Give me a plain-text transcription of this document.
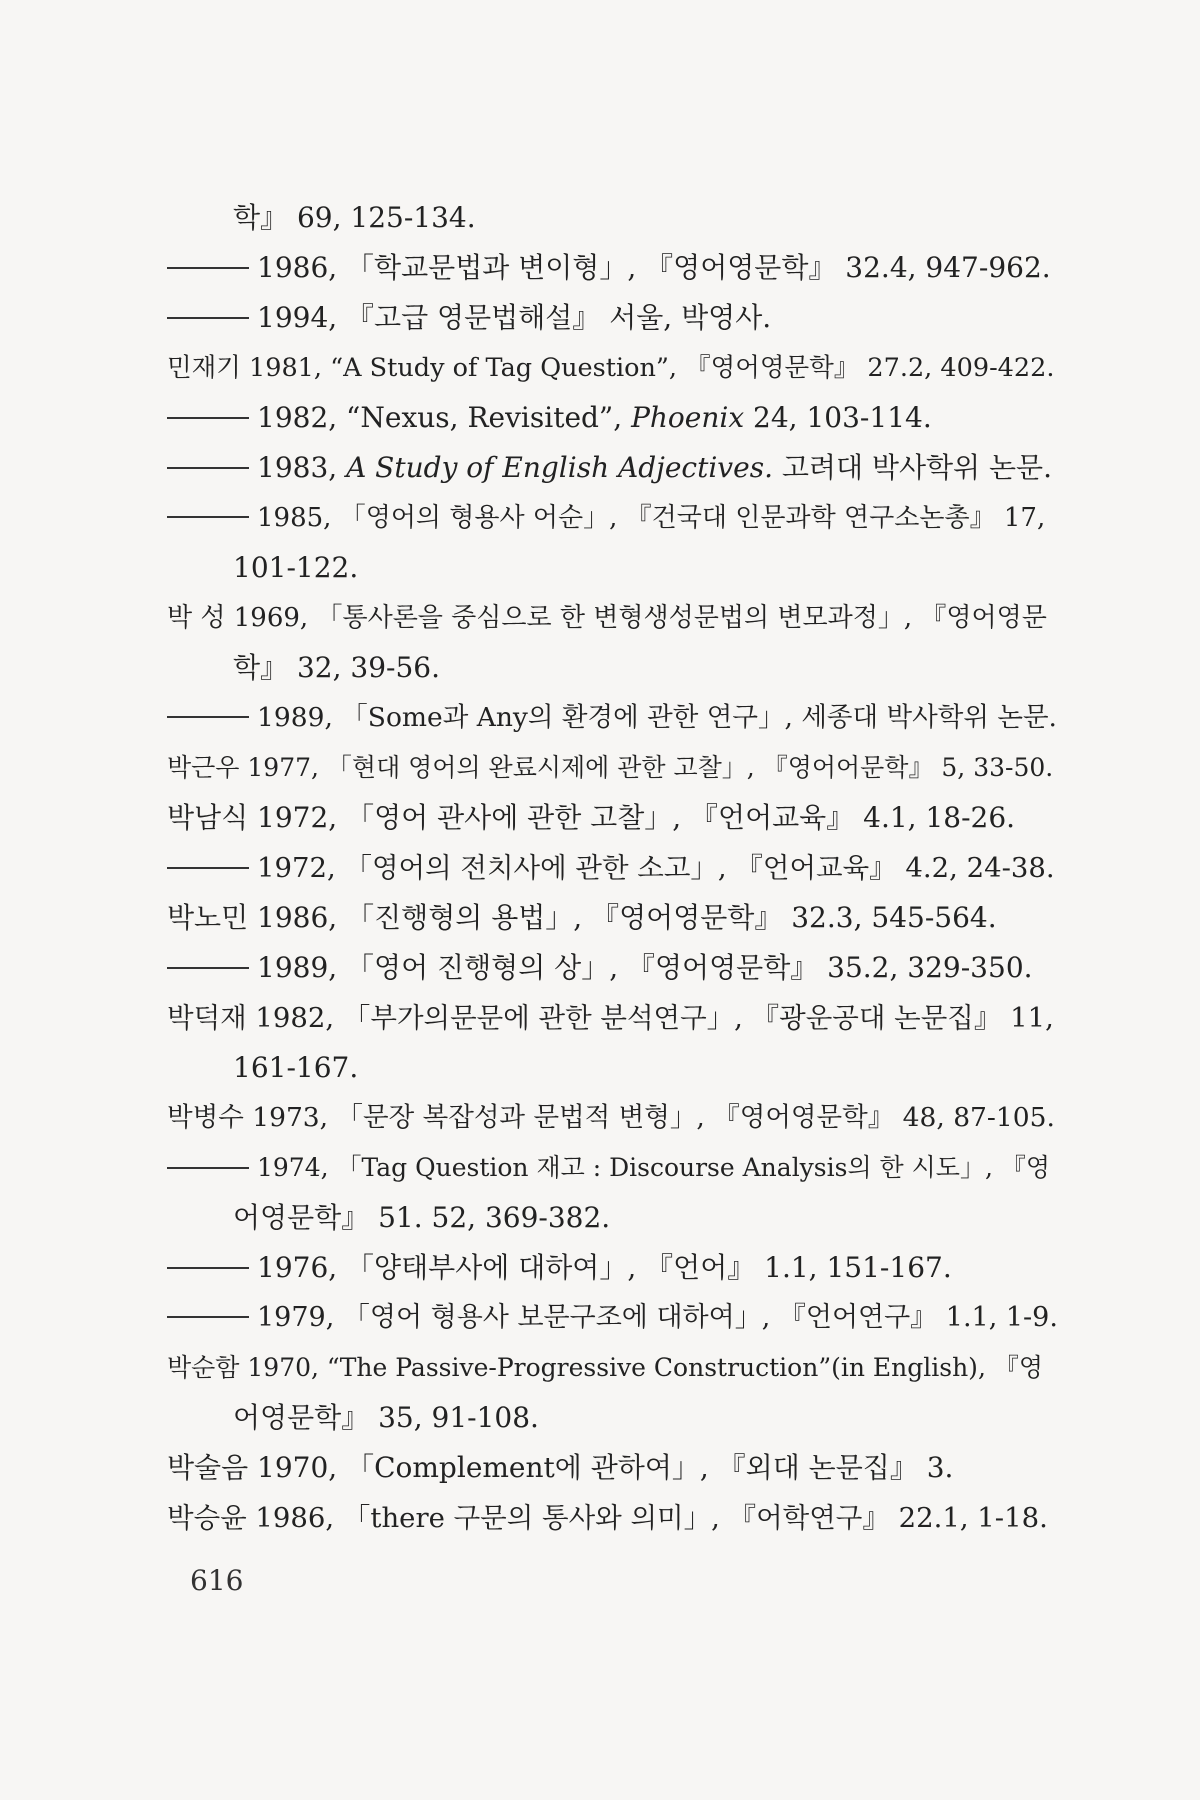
학』 69, 125-134.
1986, 「학교문법과 변이형」, 『영어영문학』 32.4, 947-962.
1994, 『고급 영문법해설』 서울, 박영사.
민재기 1981, “A Study of Tag Question”, 『영어영문학』 27.2, 409-422.
1982, “Nexus, Revisited”, Phoenix 24, 103-114.
1983, A Study of English Adjectives. 고려대 박사학위 논문.
1985, 「영어의 형용사 어순」, 『건국대 인문과학 연구소논총』 17,
101-122.
박 성 1969, 「통사론을 중심으로 한 변형생성문법의 변모과정」, 『영어영문
학』 32, 39-56.
1989, 「Some과 Any의 환경에 관한 연구」, 세종대 박사학위 논문.
박근우 1977, 「현대 영어의 완료시제에 관한 고찰」, 『영어어문학』 5, 33-50.
박남식 1972, 「영어 관사에 관한 고찰」, 『언어교육』 4.1, 18-26.
1972, 「영어의 전치사에 관한 소고」, 『언어교육』 4.2, 24-38.
박노민 1986, 「진행형의 용법」, 『영어영문학』 32.3, 545-564.
1989, 「영어 진행형의 상」, 『영어영문학』 35.2, 329-350.
박덕재 1982, 「부가의문문에 관한 분석연구」, 『광운공대 논문집』 11,
161-167.
박병수 1973, 「문장 복잡성과 문법적 변형」, 『영어영문학』 48, 87-105.
1974, 「Tag Question 재고 : Discourse Analysis의 한 시도」, 『영
어영문학』 51. 52, 369-382.
1976, 「양태부사에 대하여」, 『언어』 1.1, 151-167.
1979, 「영어 형용사 보문구조에 대하여」, 『언어연구』 1.1, 1-9.
박순함 1970, “The Passive-Progressive Construction”(in English), 『영
어영문학』 35, 91-108.
박술음 1970, 「Complement에 관하여」, 『외대 논문집』 3.
박승윤 1986, 「there 구문의 통사와 의미」, 『어학연구』 22.1, 1-18.
616
